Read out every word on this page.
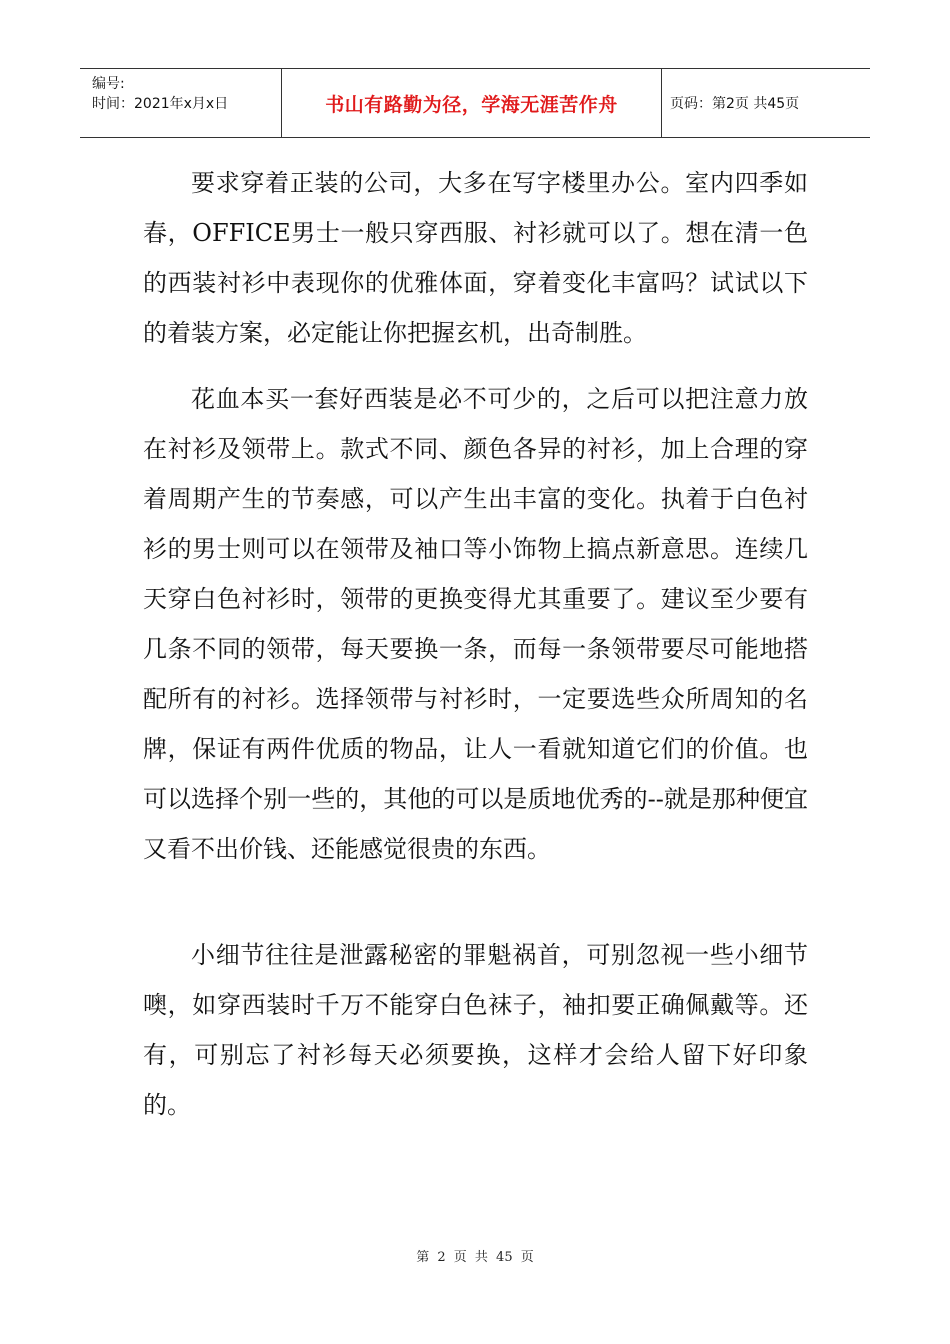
编号:
时间：2021年x月x日	书山有路勤为径，学海无涯苦作舟	页码：第2页 共45页

要求穿着正装的公司，大多在写字楼里办公。室内四季如春，OFFICE男士一般只穿西服、衬衫就可以了。想在清一色的西装衬衫中表现你的优雅体面，穿着变化丰富吗？试试以下的着装方案，必定能让你把握玄机，出奇制胜。

花血本买一套好西装是必不可少的，之后可以把注意力放在衬衫及领带上。款式不同、颜色各异的衬衫，加上合理的穿着周期产生的节奏感，可以产生出丰富的变化。执着于白色衬衫的男士则可以在领带及袖口等小饰物上搞点新意思。连续几天穿白色衬衫时，领带的更换变得尤其重要了。建议至少要有几条不同的领带，每天要换一条，而每一条领带要尽可能地搭配所有的衬衫。选择领带与衬衫时，一定要选些众所周知的名牌，保证有两件优质的物品，让人一看就知道它们的价值。也可以选择个别一些的，其他的可以是质地优秀的--就是那种便宜又看不出价钱、还能感觉很贵的东西。

小细节往往是泄露秘密的罪魁祸首，可别忽视一些小细节噢，如穿西装时千万不能穿白色袜子，袖扣要正确佩戴等。还有，可别忘了衬衫每天必须要换，这样才会给人留下好印象的。

第 2 页 共 45 页
